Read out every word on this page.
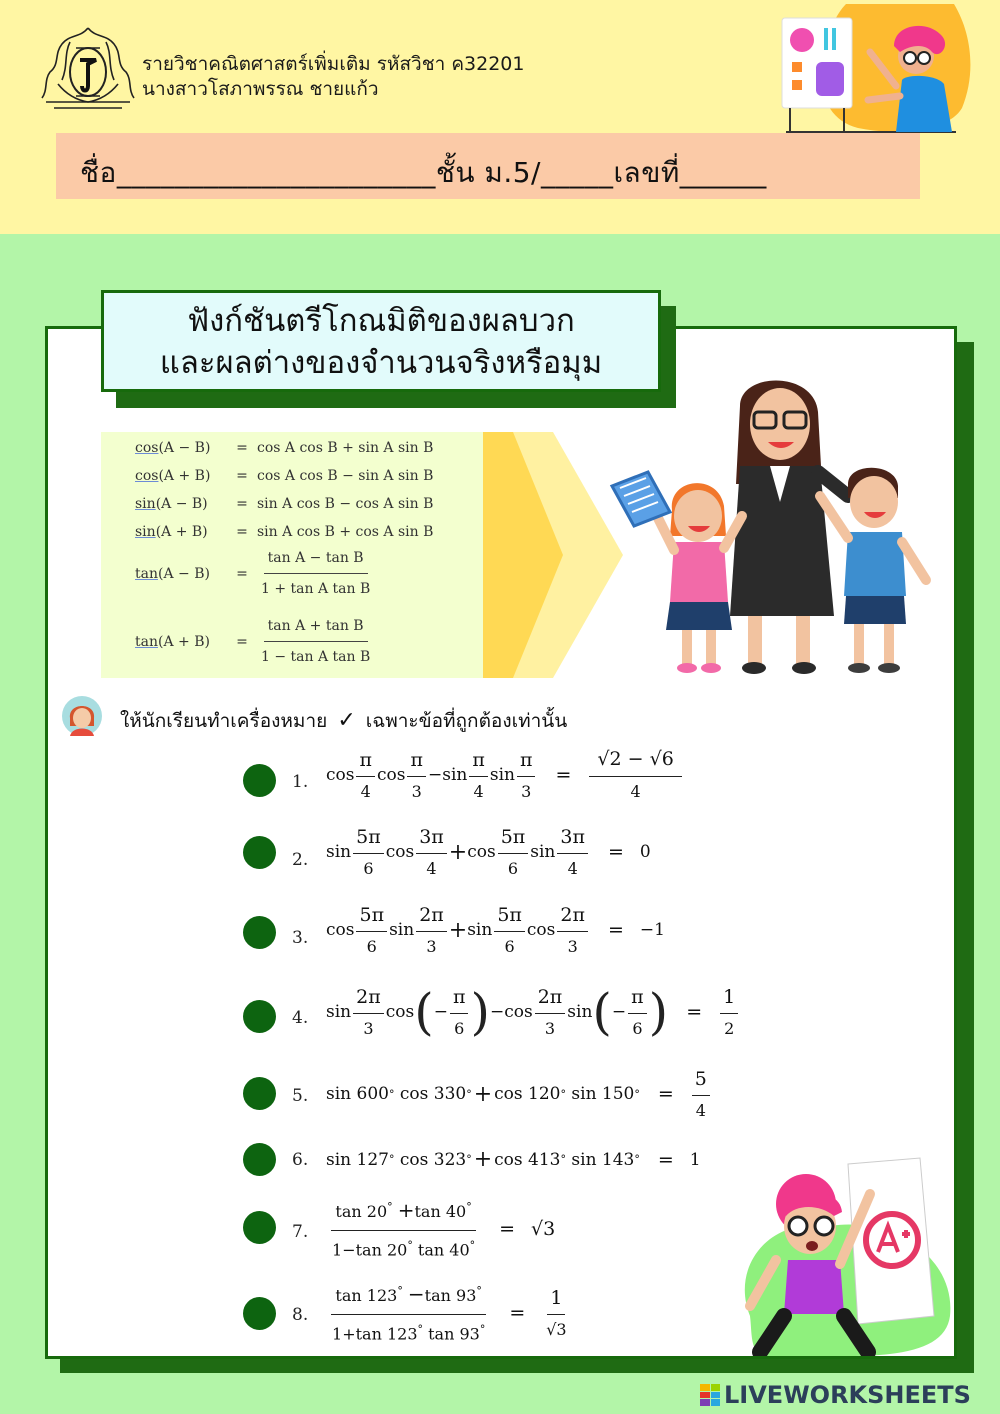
รายวิชาคณิตศาสตร์เพิ่มเติม รหัสวิชา ค32201
นางสาวโสภาพรรณ ชายแก้ว
ชื่อ______________________ชั้น ม.5/_____เลขที่______
ฟังก์ชันตรีโกณมิติของผลบวก
และผลต่างของจำนวนจริงหรือมุม
cos(A − B) = cos A cos B + sin A sin B
cos(A + B) = cos A cos B − sin A sin B
sin(A − B) = sin A cos B − cos A sin B
sin(A + B) = sin A cos B + cos A sin B
tan(A − B)	= $\frac{\text{tan A − tan B}}{\text{1 + tan A tan B}}$
tan(A + B)	= $\frac{\text{tan A + tan B}}{\text{1 − tan A tan B}}$
ให้นักเรียนทำเครื่องหมาย ✓ เฉพาะข้อที่ถูกต้องเท่านั้น
1. cos
π
4
cos
π
3
− sin
π
4
sin
π
3
=
√2 − √6
4
2. sin
5π
6
cos
3π
4
+ cos
5π
6
sin
3π
4
= 0
3. cos
5π
6
sin
2π
3
+ sin
5π
6
cos
2π
3
= −1
4. sin
2π
3
cos ( −
π
6 ) − cos
2π
3
sin ( −
π
6 ) =
1
2
5. sin 600 °
cos 330 ° + cos 120 °
sin 150 ° =
5
4
6. sin 127 °
cos 323 ° + cos 413 °
sin 143 ° = 1
7. $\frac{\tan 20^\circ +\tan 40^\circ}{1-\tan 20^\circ \tan 40^\circ} = √3$
8. $\frac{\tan 123^\circ -\tan 93^\circ}{1+\tan 123^\circ \tan 93^\circ}$ =
1
√3
LIVEWORKSHEETS
